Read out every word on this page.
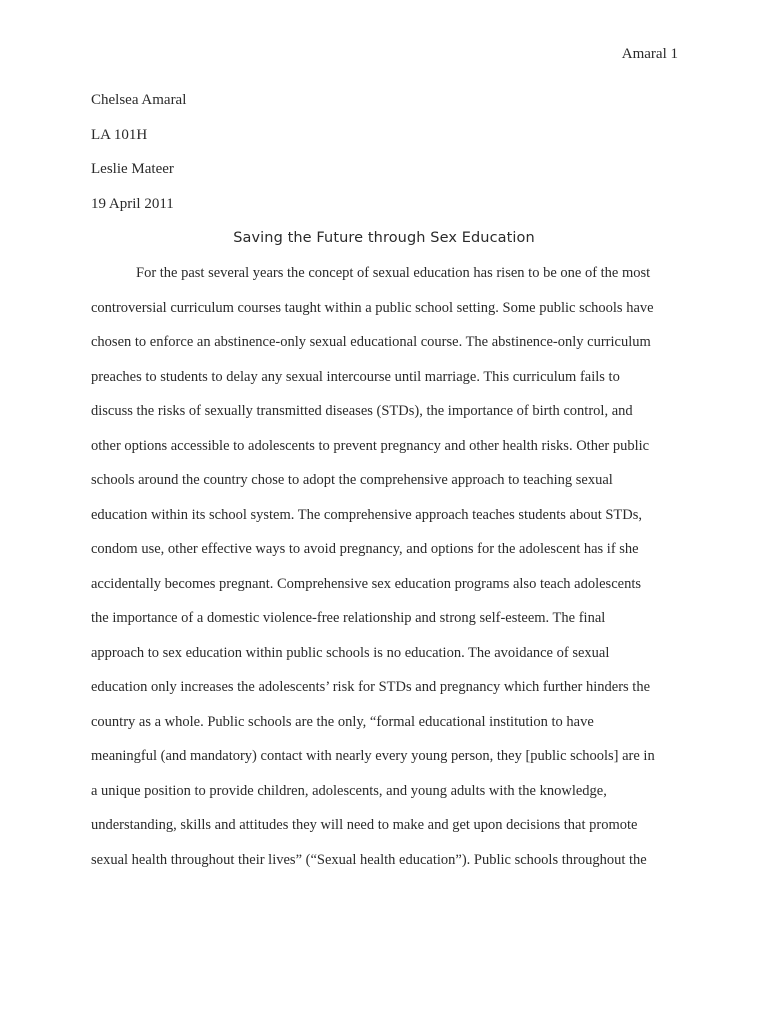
Amaral 1
Chelsea Amaral
LA 101H
Leslie Mateer
19 April 2011
Saving the Future through Sex Education
For the past several years the concept of sexual education has risen to be one of the most
controversial curriculum courses taught within a public school setting. Some public schools have
chosen to enforce an abstinence-only sexual educational course. The abstinence-only curriculum
preaches to students to delay any sexual intercourse until marriage. This curriculum fails to
discuss the risks of sexually transmitted diseases (STDs), the importance of birth control, and
other options accessible to adolescents to prevent pregnancy and other health risks. Other public
schools around the country chose to adopt the comprehensive approach to teaching sexual
education within its school system. The comprehensive approach teaches students about STDs,
condom use, other effective ways to avoid pregnancy, and options for the adolescent has if she
accidentally becomes pregnant. Comprehensive sex education programs also teach adolescents
the importance of a domestic violence-free relationship and strong self-esteem. The final
approach to sex education within public schools is no education. The avoidance of sexual
education only increases the adolescents’ risk for STDs and pregnancy which further hinders the
country as a whole. Public schools are the only, “formal educational institution to have
meaningful (and mandatory) contact with nearly every young person, they [public schools] are in
a unique position to provide children, adolescents, and young adults with the knowledge,
understanding, skills and attitudes they will need to make and get upon decisions that promote
sexual health throughout their lives” (“Sexual health education”). Public schools throughout the
